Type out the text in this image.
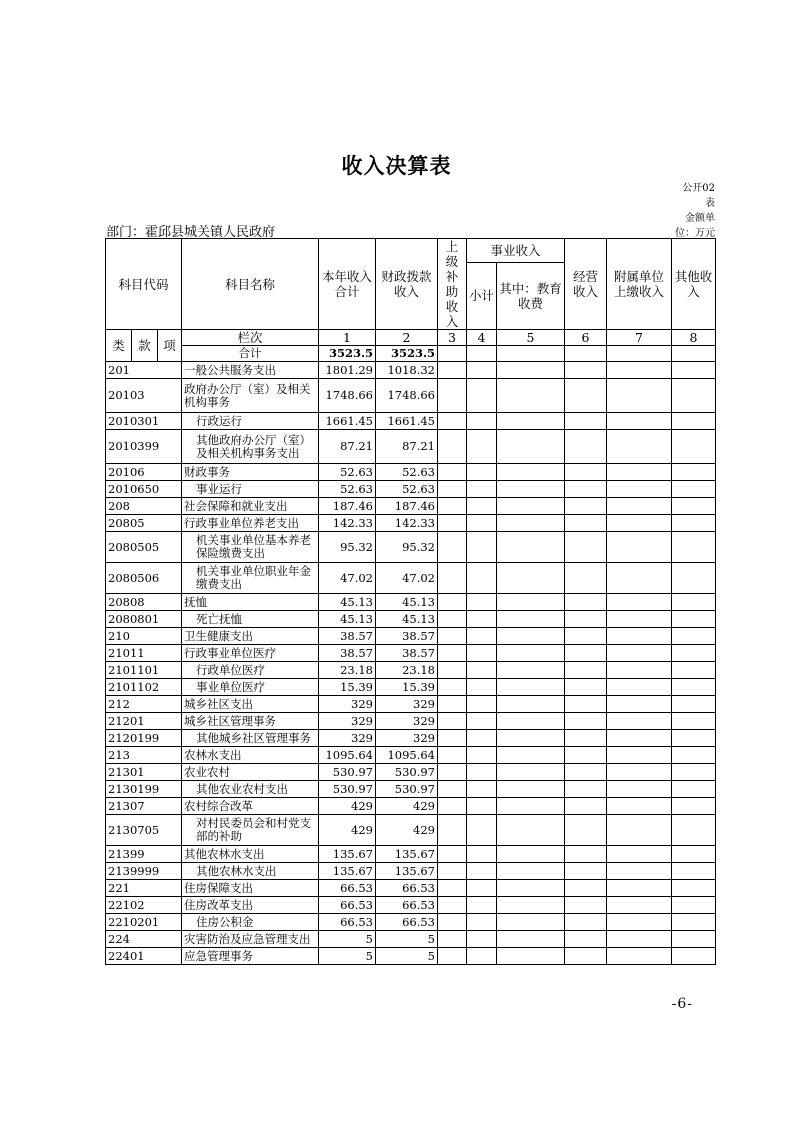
收入决算表
公开02
表
金额单
位：万元
部门：霍邱县城关镇人民政府
科目代码			科目名称	本年收入合计	财政拨款收入	上级补助收入	事业收入		经营收入	附属单位上缴收入	其他收入
							小计	其中：教育收费			
类	款	项	栏次	1	2	3	4	5	6	7	8
			合计	3523.5	3523.5						
201			一般公共服务支出	1801.29	1018.32						
20103			政府办公厅（室）及相关机构事务	1748.66	1748.66						
2010301			行政运行	1661.45	1661.45						
2010399			其他政府办公厅（室）及相关机构事务支出	87.21	87.21						
20106			财政事务	52.63	52.63						
2010650			事业运行	52.63	52.63						
208			社会保障和就业支出	187.46	187.46						
20805			行政事业单位养老支出	142.33	142.33						
2080505			机关事业单位基本养老保险缴费支出	95.32	95.32						
2080506			机关事业单位职业年金缴费支出	47.02	47.02						
20808			抚恤	45.13	45.13						
2080801			死亡抚恤	45.13	45.13						
210			卫生健康支出	38.57	38.57						
21011			行政事业单位医疗	38.57	38.57						
2101101			行政单位医疗	23.18	23.18						
2101102			事业单位医疗	15.39	15.39						
212			城乡社区支出	329	329						
21201			城乡社区管理事务	329	329						
2120199			其他城乡社区管理事务	329	329						
213			农林水支出	1095.64	1095.64						
21301			农业农村	530.97	530.97						
2130199			其他农业农村支出	530.97	530.97						
21307			农村综合改革	429	429						
2130705			对村民委员会和村党支部的补助	429	429						
21399			其他农林水支出	135.67	135.67						
2139999			其他农林水支出	135.67	135.67						
221			住房保障支出	66.53	66.53						
22102			住房改革支出	66.53	66.53						
2210201			住房公积金	66.53	66.53						
224			灾害防治及应急管理支出	5	5						
22401			应急管理事务	5	5						
-6-
